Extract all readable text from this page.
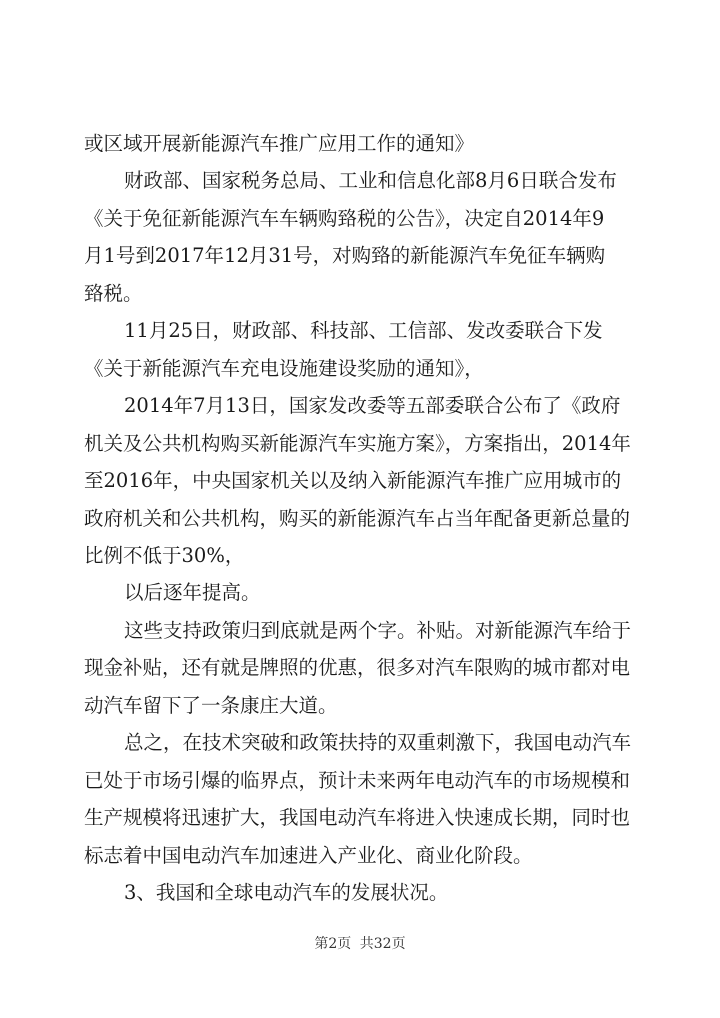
或区域开展新能源汽车推广应用工作的通知》
财政部、国家税务总局、工业和信息化部8月6日联合发布
《关于免征新能源汽车车辆购臵税的公告》，决定自2014年9
月1号到2017年12月31号，对购臵的新能源汽车免征车辆购
臵税。
11月25日，财政部、科技部、工信部、发改委联合下发
《关于新能源汽车充电设施建设奖励的通知》，
2014年7月13日，国家发改委等五部委联合公布了《政府
机关及公共机构购买新能源汽车实施方案》，方案指出，2014年
至2016年，中央国家机关以及纳入新能源汽车推广应用城市的
政府机关和公共机构，购买的新能源汽车占当年配备更新总量的
比例不低于30%，
以后逐年提高。
这些支持政策归到底就是两个字。补贴。对新能源汽车给于
现金补贴，还有就是牌照的优惠，很多对汽车限购的城市都对电
动汽车留下了一条康庄大道。
总之，在技术突破和政策扶持的双重刺激下，我国电动汽车
已处于市场引爆的临界点，预计未来两年电动汽车的市场规模和
生产规模将迅速扩大，我国电动汽车将进入快速成长期，同时也
标志着中国电动汽车加速进入产业化、商业化阶段。
3、我国和全球电动汽车的发展状况。
第2页 共32页
